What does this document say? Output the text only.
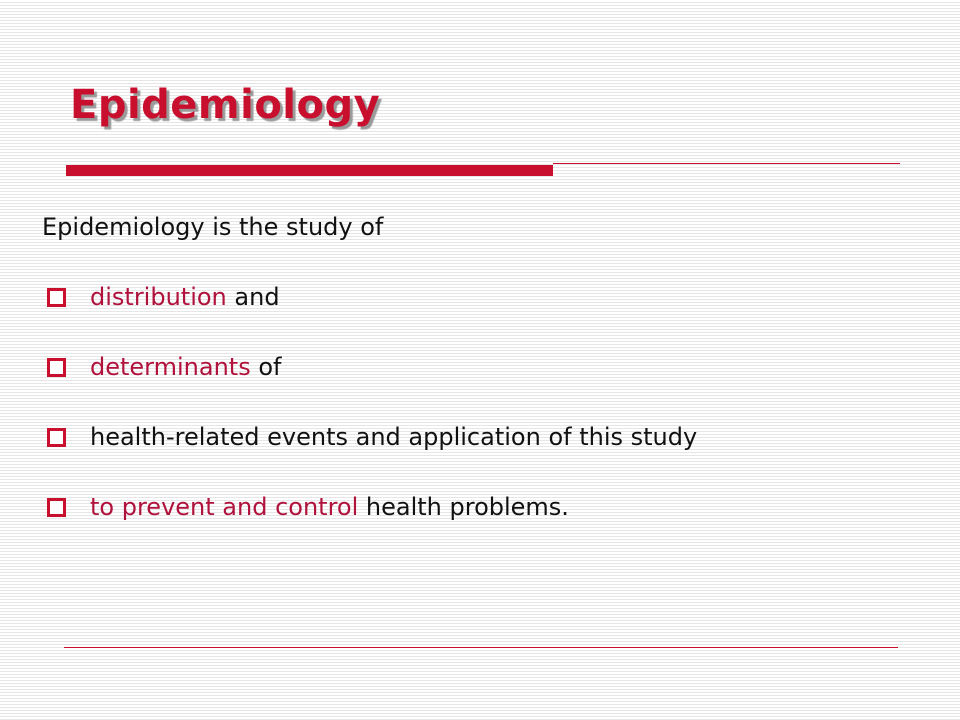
Epidemiology

Epidemiology is the study of

distribution and
determinants of
health-related events and application of this study
to prevent and control health problems.
